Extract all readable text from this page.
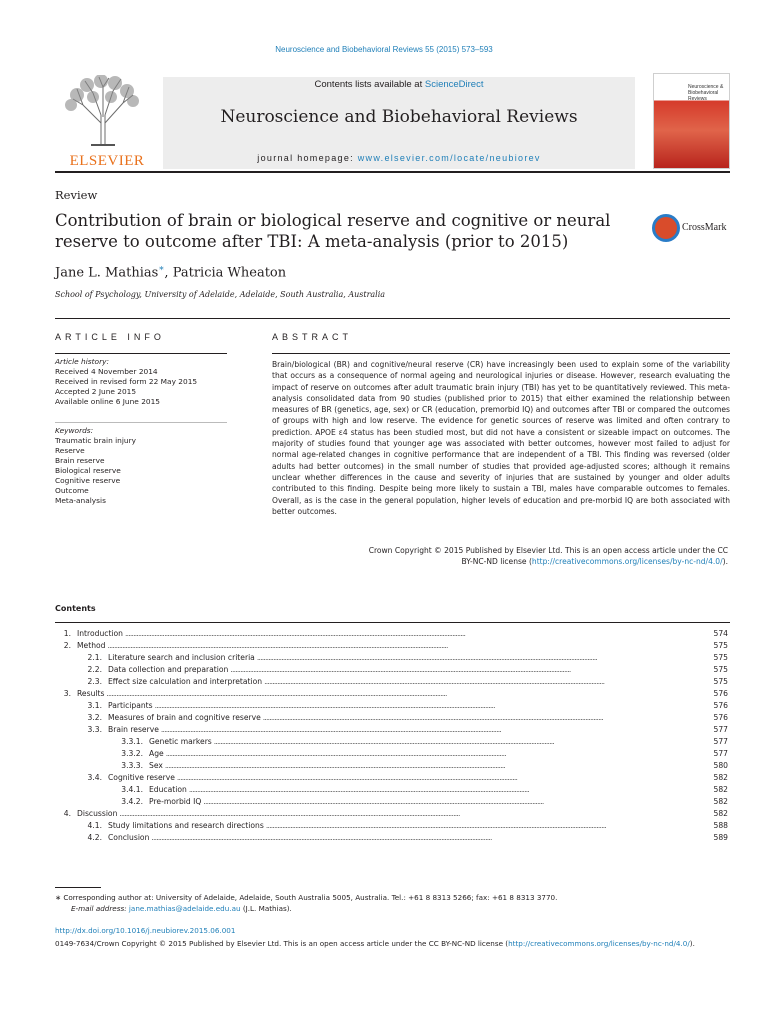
Neuroscience and Biobehavioral Reviews 55 (2015) 573–593
ELSEVIER
Contents lists available at ScienceDirect
Neuroscience and Biobehavioral Reviews
journal homepage: www.elsevier.com/locate/neubiorev
Neuroscience & Biobehavioral Reviews
Review
Contribution of brain or biological reserve and cognitive or neural reserve to outcome after TBI: A meta-analysis (prior to 2015)
CrossMark
Jane L. Mathias∗, Patricia Wheaton
School of Psychology, University of Adelaide, Adelaide, South Australia, Australia
ARTICLE INFO	ABSTRACT
Article history:
Received 4 November 2014
Received in revised form 22 May 2015
Accepted 2 June 2015
Available online 6 June 2015
Keywords:
Traumatic brain injury
Reserve
Brain reserve
Biological reserve
Cognitive reserve
Outcome
Meta-analysis
Brain/biological (BR) and cognitive/neural reserve (CR) have increasingly been used to explain some of the variability that occurs as a consequence of normal ageing and neurological injuries or disease. However, research evaluating the impact of reserve on outcomes after adult traumatic brain injury (TBI) has yet to be quantitatively reviewed. This meta-analysis consolidated data from 90 studies (published prior to 2015) that either examined the relationship between measures of BR (genetics, age, sex) or CR (education, premorbid IQ) and outcomes after TBI or compared the outcomes of groups with high and low reserve. The evidence for genetic sources of reserve was limited and often contrary to prediction. APOE ε4 status has been studied most, but did not have a consistent or sizeable impact on outcomes. The majority of studies found that younger age was associated with better outcomes, however most failed to adjust for normal age-related changes in cognitive performance that are independent of a TBI. This finding was reversed (older adults had better outcomes) in the small number of studies that provided age-adjusted scores; although it remains unclear whether differences in the cause and severity of injuries that are sustained by younger and older adults contributed to this finding. Despite being more likely to sustain a TBI, males have comparable outcomes to females. Overall, as is the case in the general population, higher levels of education and pre-morbid IQ are both associated with better outcomes.
Crown Copyright © 2015 Published by Elsevier Ltd. This is an open access article under the CC
BY-NC-ND license (http://creativecommons.org/licenses/by-nc-nd/4.0/).
Contents
1. Introduction . . .	574
2. Method . . .	575
2.1. Literature search and inclusion criteria . . .	575
2.2. Data collection and preparation . . .	575
2.3. Effect size calculation and interpretation . . .	575
3. Results . . .	576
3.1. Participants . . .	576
3.2. Measures of brain and cognitive reserve . . .	576
3.3. Brain reserve . . .	577
3.3.1. Genetic markers . . .	577
3.3.2. Age . . .	577
3.3.3. Sex . . .	580
3.4. Cognitive reserve . . .	582
3.4.1. Education . . .	582
3.4.2. Pre-morbid IQ . . .	582
4. Discussion . . .	582
4.1. Study limitations and research directions . . .	588
4.2. Conclusion . . .	589
∗ Corresponding author at: University of Adelaide, Adelaide, South Australia 5005, Australia. Tel.: +61 8 8313 5266; fax: +61 8 8313 3770.
E-mail address: jane.mathias@adelaide.edu.au (J.L. Mathias).
http://dx.doi.org/10.1016/j.neubiorev.2015.06.001
0149-7634/Crown Copyright © 2015 Published by Elsevier Ltd. This is an open access article under the CC BY-NC-ND license (http://creativecommons.org/licenses/by-nc-nd/4.0/).
